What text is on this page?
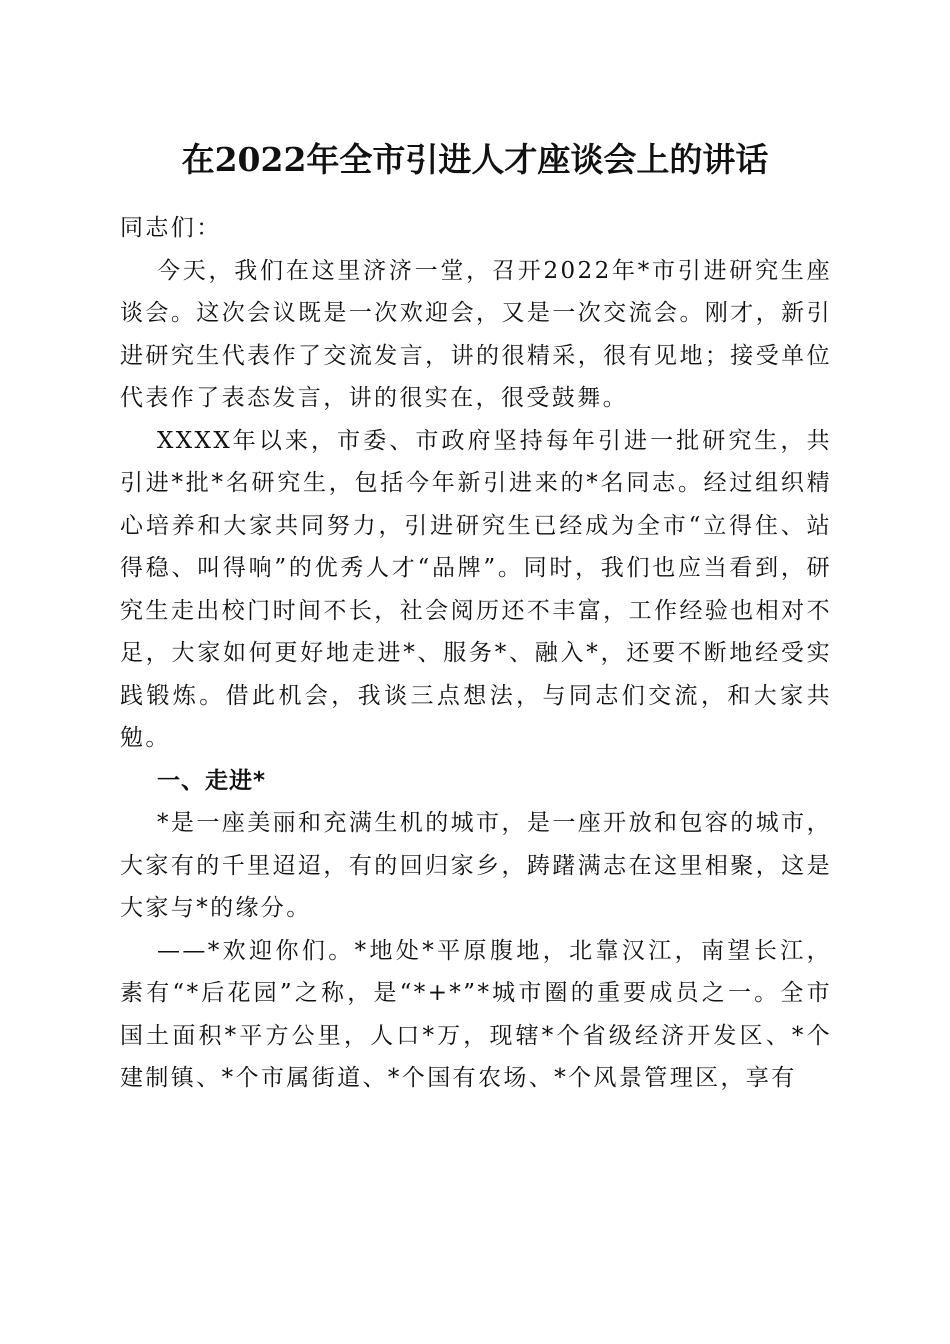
在2022年全市引进人才座谈会上的讲话

同志们：

今天，我们在这里济济一堂，召开2022年*市引进研究生座谈会。这次会议既是一次欢迎会，又是一次交流会。刚才，新引进研究生代表作了交流发言，讲的很精采，很有见地；接受单位代表作了表态发言，讲的很实在，很受鼓舞。

XXXX年以来，市委、市政府坚持每年引进一批研究生，共引进*批*名研究生，包括今年新引进来的*名同志。经过组织精心培养和大家共同努力，引进研究生已经成为全市“立得住、站得稳、叫得响”的优秀人才“品牌”。同时，我们也应当看到，研究生走出校门时间不长，社会阅历还不丰富，工作经验也相对不足，大家如何更好地走进*、服务*、融入*，还要不断地经受实践锻炼。借此机会，我谈三点想法，与同志们交流，和大家共勉。

一、走进*

*是一座美丽和充满生机的城市，是一座开放和包容的城市，大家有的千里迢迢，有的回归家乡，踌躇满志在这里相聚，这是大家与*的缘分。

——*欢迎你们。*地处*平原腹地，北靠汉江，南望长江，素有“*后花园”之称，是“*+*”*城市圈的重要成员之一。全市国土面积*平方公里，人口*万，现辖*个省级经济开发区、*个建制镇、*个市属街道、*个国有农场、*个风景管理区，享有
